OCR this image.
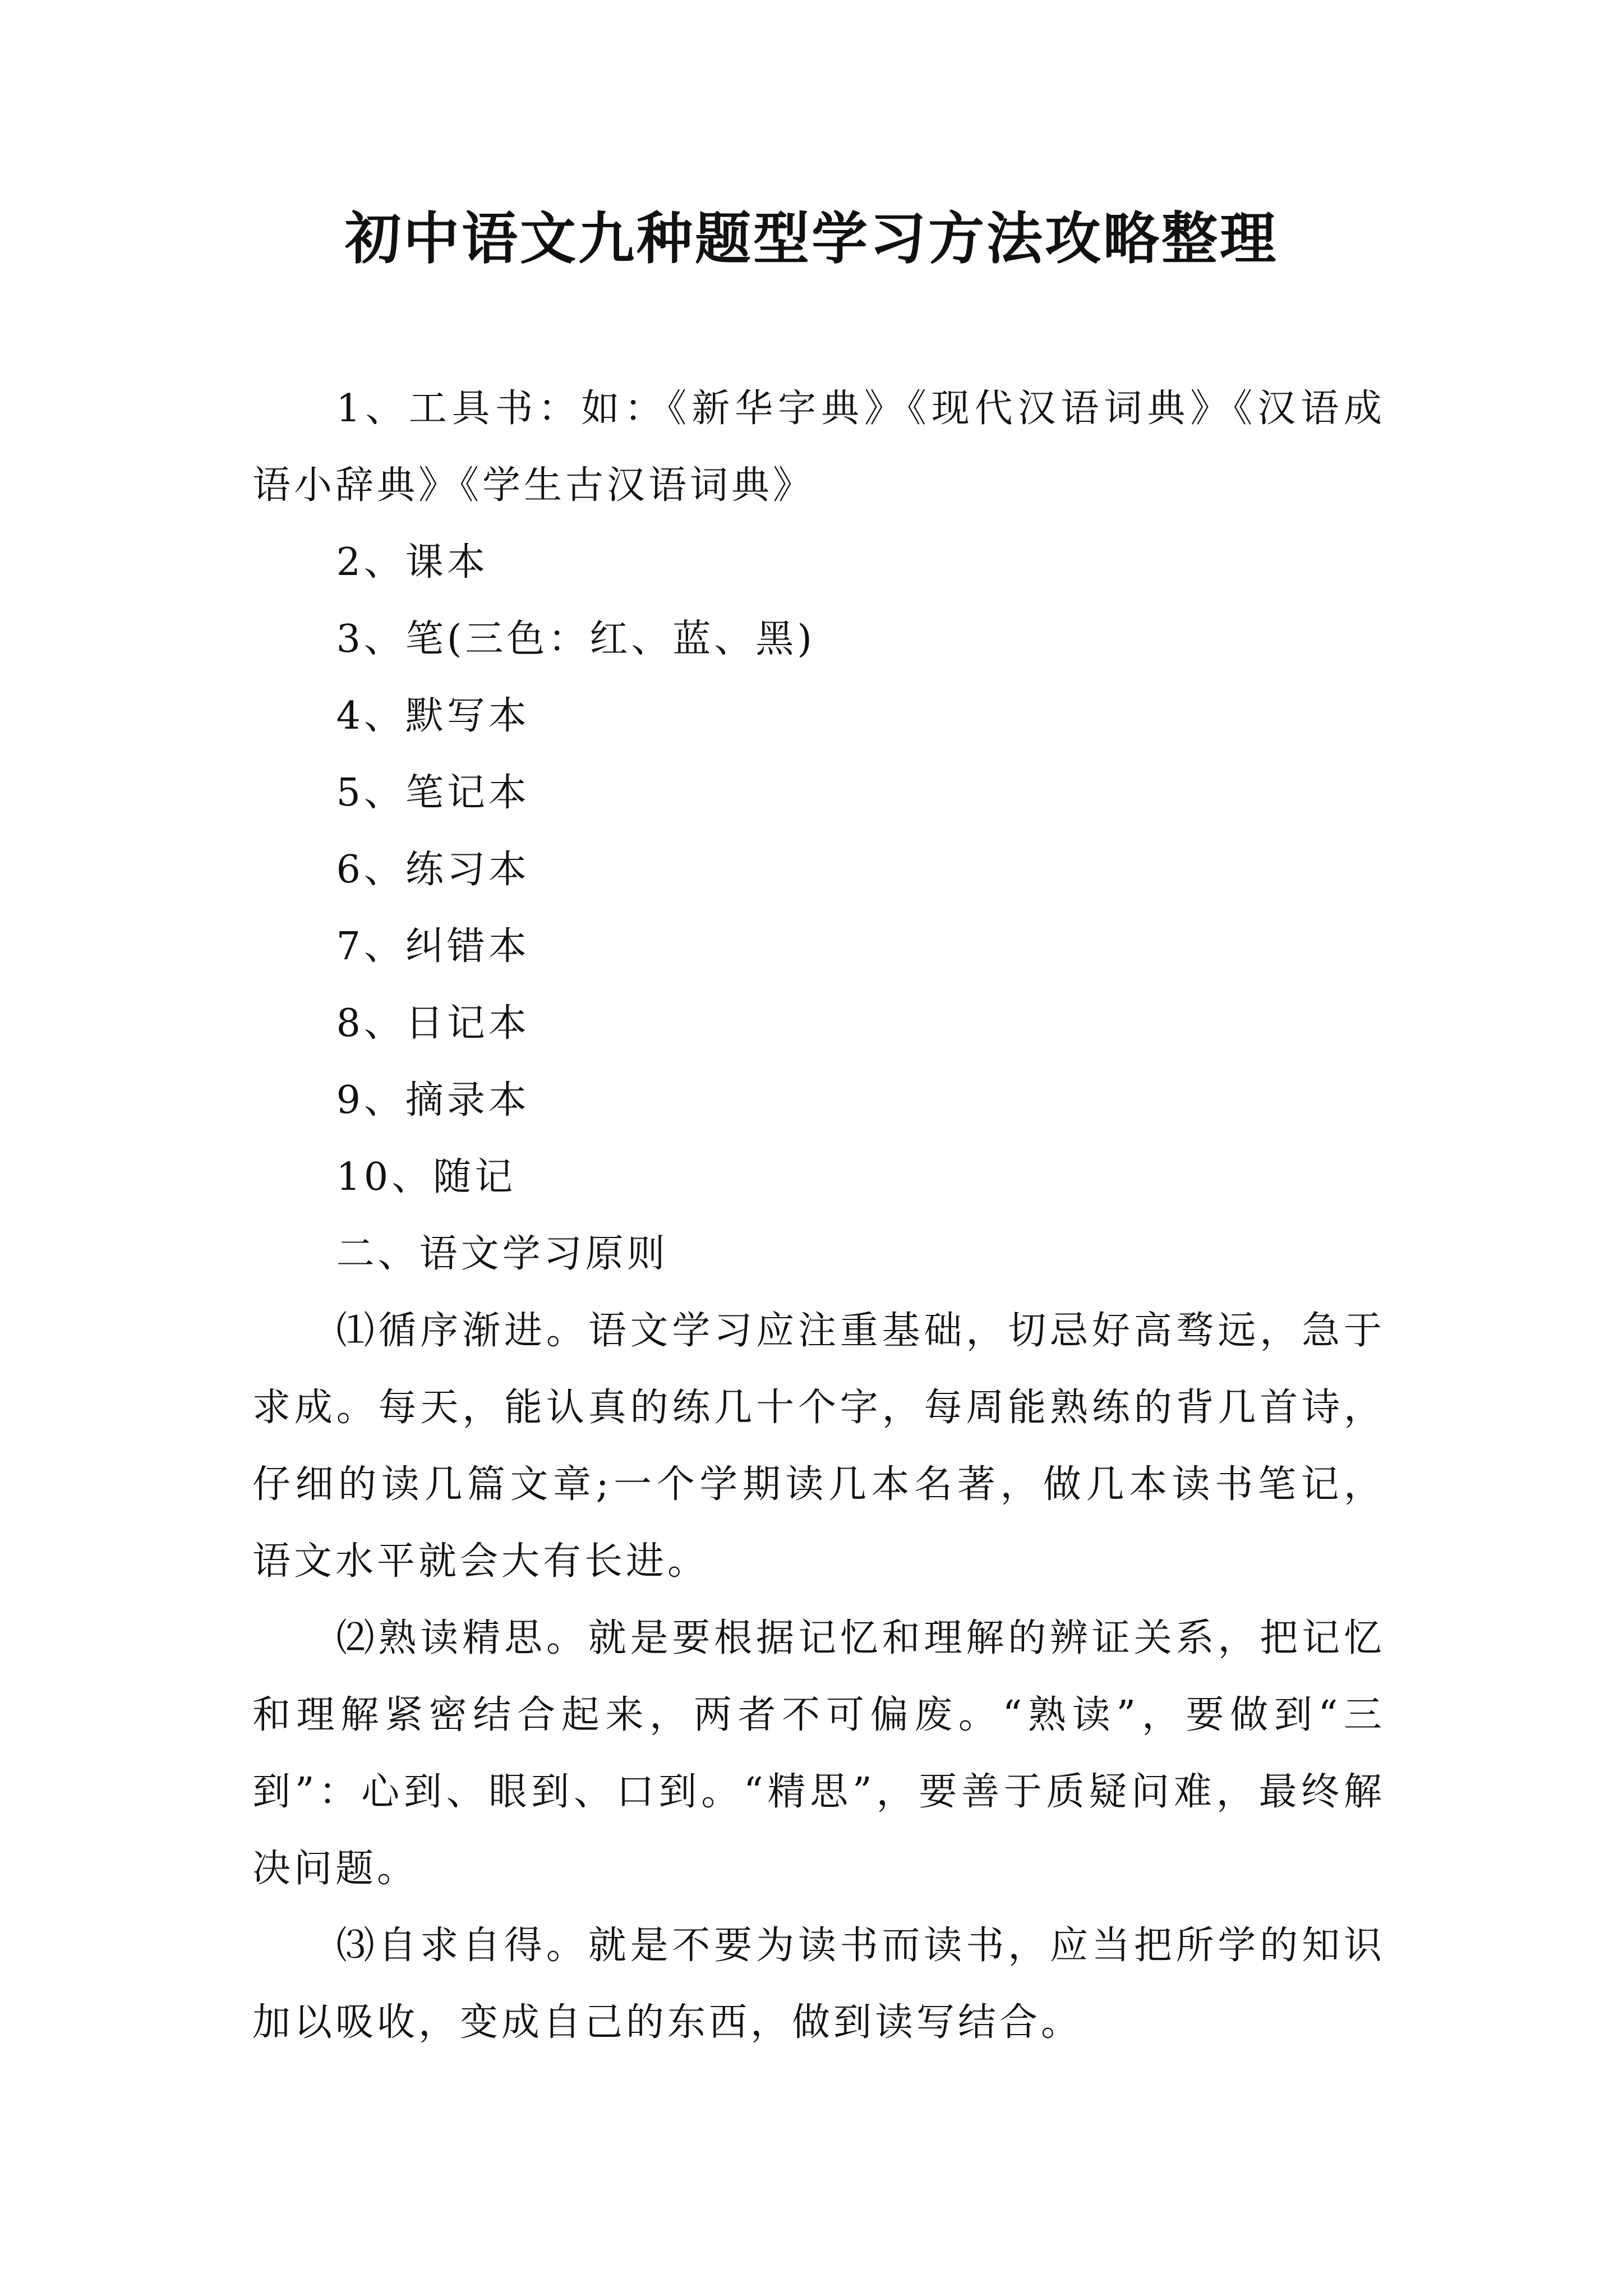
初中语文九种题型学习方法攻略整理

1、工具书：如：《新华字典》《现代汉语词典》《汉语成语小辞典》《学生古汉语词典》

2、课本

3、笔(三色：红、蓝、黑)

4、默写本

5、笔记本

6、练习本

7、纠错本

8、日记本

9、摘录本

10、随记

二、语文学习原则

⑴循序渐进。语文学习应注重基础，切忌好高骛远，急于求成。每天，能认真的练几十个字，每周能熟练的背几首诗，仔细的读几篇文章;一个学期读几本名著，做几本读书笔记，语文水平就会大有长进。

⑵熟读精思。就是要根据记忆和理解的辨证关系，把记忆和理解紧密结合起来，两者不可偏废。“熟读”，要做到“三到”：心到、眼到、口到。“精思”，要善于质疑问难，最终解决问题。

⑶自求自得。就是不要为读书而读书，应当把所学的知识加以吸收，变成自己的东西，做到读写结合。
